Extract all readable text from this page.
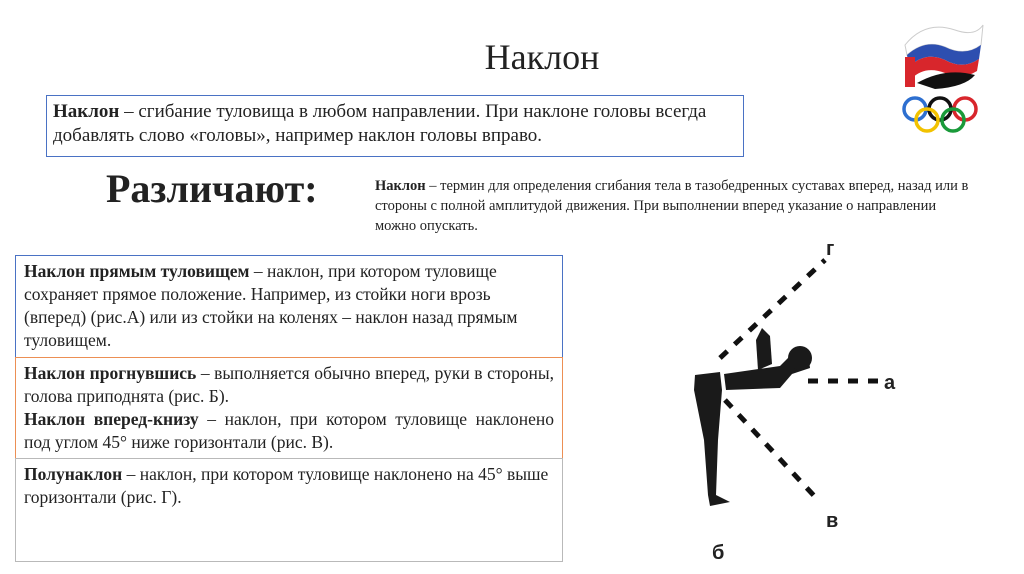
Наклон
Наклон – сгибание туловища в любом направлении. При наклоне головы всегда добавлять слово «головы», например наклон головы вправо.
Различают:	Наклон – термин для определения сгибания тела в тазобедренных суставах вперед, назад или в стороны с полной амплитудой движения. При выполнении вперед указание о направлении можно опускать.
Наклон прямым туловищем – наклон, при котором туловище сохраняет прямое положение. Например, из стойки ноги врозь (вперед) (рис.А) или из стойки на коленях – наклон назад прямым туловищем.
Наклон прогнувшись – выполняется обычно вперед, руки в стороны, голова приподнята (рис. Б).
Наклон вперед-книзу – наклон, при котором туловище наклонено под углом 45° ниже горизонтали (рис. В).
Полунаклон – наклон, при котором туловище наклонено на 45° выше горизонтали (рис. Г).
г
а
в
б
